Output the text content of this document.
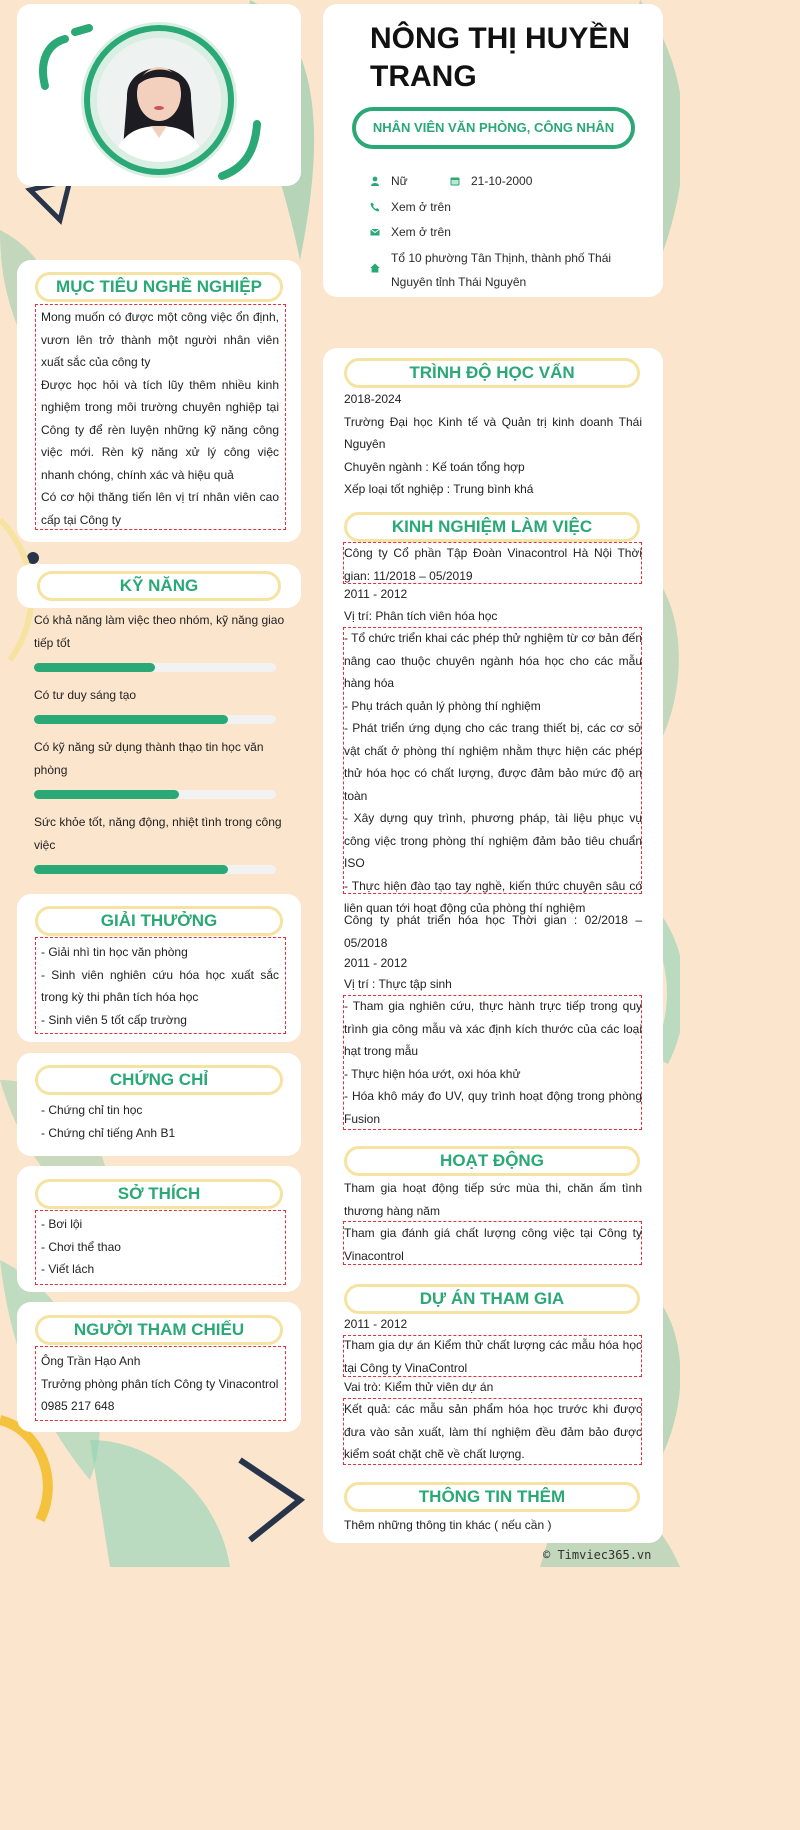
MỤC TIÊU NGHỀ NGHIỆP
Mong muốn có được một công việc ổn định, vươn lên trở thành một người nhân viên xuất sắc của công ty
Được học hỏi và tích lũy thêm nhiều kinh nghiệm trong môi trường chuyên nghiệp tại Công ty để rèn luyện những kỹ năng công việc mới. Rèn kỹ năng xử lý công việc nhanh chóng, chính xác và hiệu quả
Có cơ hội thăng tiến lên vị trí nhân viên cao cấp tại Công ty
KỸ NĂNG
Có khả năng làm việc theo nhóm, kỹ năng giao tiếp tốt
Có tư duy sáng tạo
Có kỹ năng sử dụng thành thạo tin học văn phòng
Sức khỏe tốt, năng động, nhiệt tình trong công việc
GIẢI THƯỞNG
- Giải nhì tin học văn phòng
- Sinh viên nghiên cứu hóa học xuất sắc trong kỳ thi phân tích hóa học
- Sinh viên 5 tốt cấp trường
CHỨNG CHỈ
- Chứng chỉ tin học
- Chứng chỉ tiếng Anh B1
SỞ THÍCH
- Bơi lội
- Chơi thể thao
- Viết lách
NGƯỜI THAM CHIẾU
Ông Trần Hạo Anh
Trưởng phòng phân tích Công ty Vinacontrol
0985 217 648
NÔNG THỊ HUYỀN
TRANG
NHÂN VIÊN VĂN PHÒNG, CÔNG NHÂN
Nữ	21-10-2000
Xem ở trên
Xem ở trên
Tổ 10 phường Tân Thịnh, thành phố Thái
Nguyên tỉnh Thái Nguyên
TRÌNH ĐỘ HỌC VẤN
2018-2024
Trường Đại học Kinh tế và Quản trị kinh doanh Thái Nguyên
Chuyên ngành : Kế toán tổng hợp
Xếp loại tốt nghiệp : Trung bình khá
KINH NGHIỆM LÀM VIỆC
Công ty Cổ phần Tập Đoàn Vinacontrol Hà Nội Thời gian: 11/2018 – 05/2019
2011 - 2012
Vị trí: Phân tích viên hóa học
- Tổ chức triển khai các phép thử nghiệm từ cơ bản đến nâng cao thuộc chuyên ngành hóa học cho các mẫu hàng hóa
- Phụ trách quản lý phòng thí nghiệm
- Phát triển ứng dụng cho các trang thiết bị, các cơ sở vật chất ở phòng thí nghiệm nhằm thực hiện các phép thử hóa học có chất lượng, được đảm bảo mức độ an toàn
- Xây dựng quy trình, phương pháp, tài liệu phục vụ công việc trong phòng thí nghiệm đảm bảo tiêu chuẩn ISO
- Thực hiện đào tạo tay nghề, kiến thức chuyên sâu có liên quan tới hoạt động của phòng thí nghiệm
Công ty phát triển hóa học Thời gian : 02/2018 – 05/2018
2011 - 2012
Vị trí : Thực tập sinh
- Tham gia nghiên cứu, thực hành trực tiếp trong quy trình gia công mẫu và xác định kích thước của các loại hạt trong mẫu
- Thực hiện hóa ướt, oxi hóa khử
- Hóa khô máy đo UV, quy trình hoạt động trong phòng Fusion
HOẠT ĐỘNG
Tham gia hoạt động tiếp sức mùa thi, chăn ấm tình thương hàng năm
Tham gia đánh giá chất lượng công việc tại Công ty Vinacontrol
DỰ ÁN THAM GIA
2011 - 2012
Tham gia dự án Kiểm thử chất lượng các mẫu hóa học tại Công ty VinaControl
Vai trò: Kiểm thử viên dự án
Kết quả: các mẫu sản phẩm hóa học trước khi được đưa vào sản xuất, làm thí nghiệm đều đảm bảo được kiểm soát chặt chẽ về chất lượng.
THÔNG TIN THÊM
Thêm những thông tin khác ( nếu cần )
© Timviec365.vn
